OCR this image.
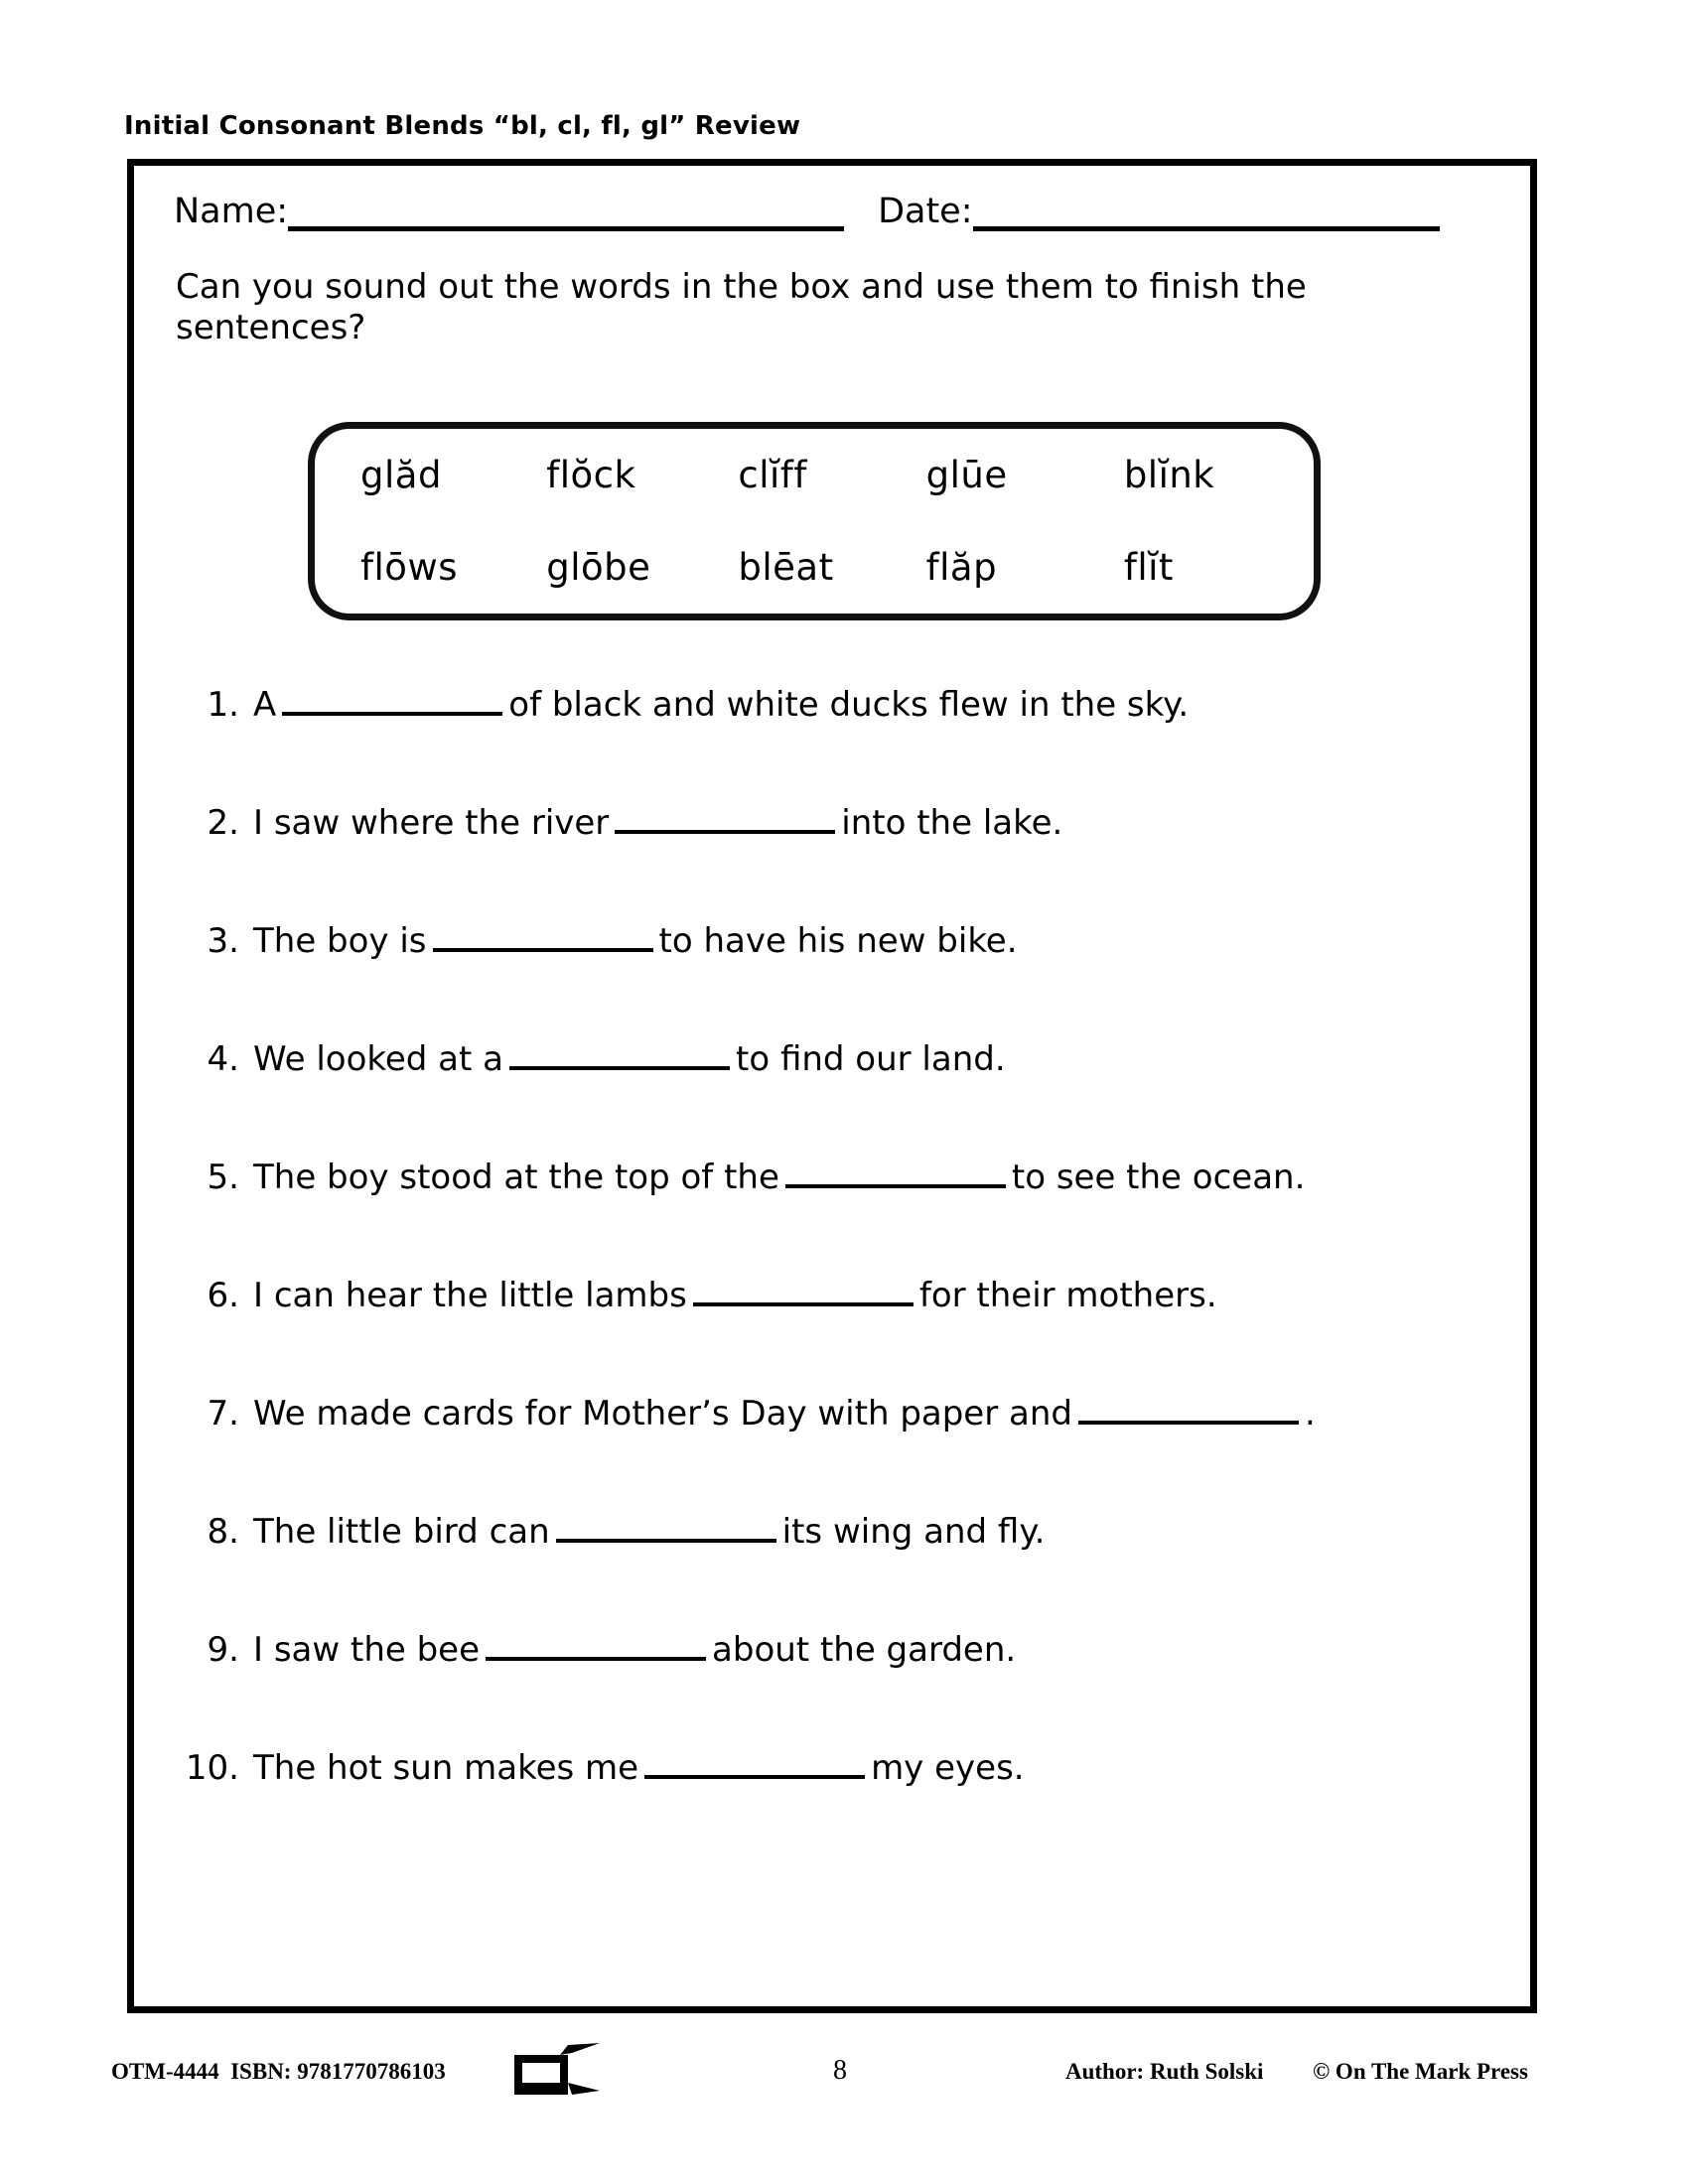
Initial Consonant Blends “bl, cl, fl, gl” Review
Name:	Date:
Can you sound out the words in the box and use them to finish the sentences?
glăd	flŏck	clĭff	glūe	blĭnk
flōws	glōbe	blēat	flăp	flĭt
1. A	of black and white ducks flew in the sky.
2. I saw where the river	into the lake.
3. The boy is	to have his new bike.
4. We looked at a	to find our land.
5. The boy stood at the top of the	to see the ocean.
6. I can hear the little lambs	for their mothers.
7. We made cards for Mother’s Day with paper and	.
8. The little bird can	its wing and fly.
9. I saw the bee	about the garden.
10. The hot sun makes me	my eyes.
OTM-4444 ISBN: 9781770786103	8	Author: Ruth Solski © On The Mark Press
